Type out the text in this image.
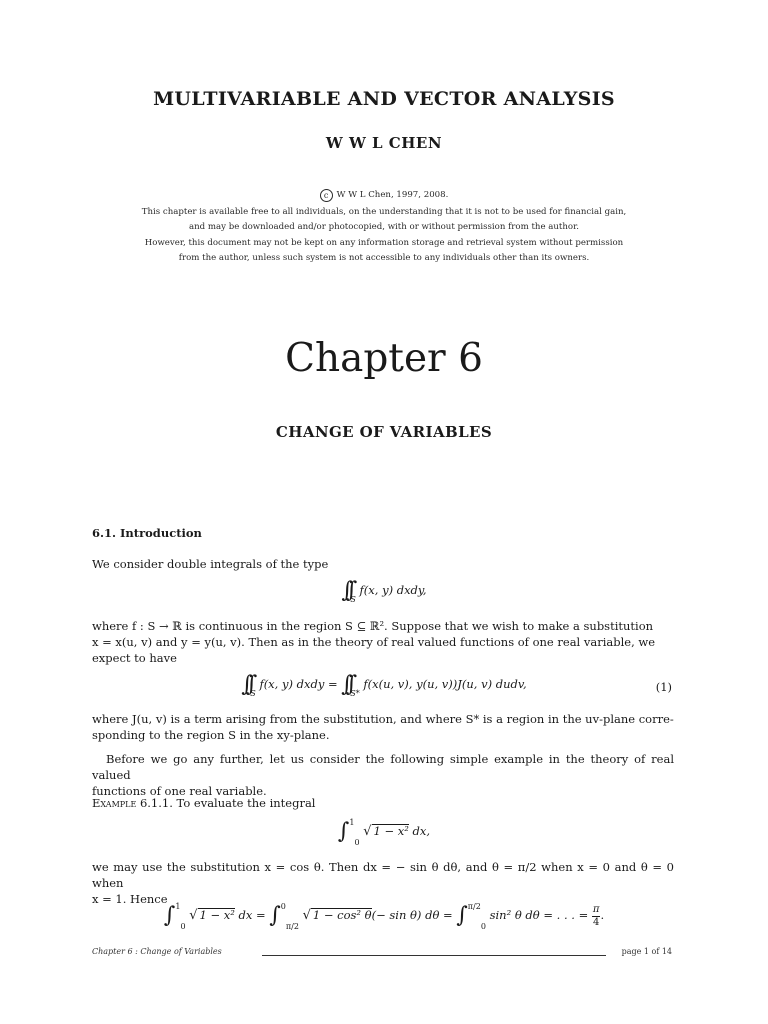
MULTIVARIABLE AND VECTOR ANALYSIS
W W L CHEN
c W W L Chen, 1997, 2008.
This chapter is available free to all individuals, on the understanding that it is not to be used for financial gain,
and may be downloaded and/or photocopied, with or without permission from the author.
However, this document may not be kept on any information storage and retrieval system without permission
from the author, unless such system is not accessible to any individuals other than its owners.
Chapter 6
CHANGE OF VARIABLES
6.1. Introduction
We consider double integrals of the type
$\int\int_S$ f(x, y) dxdy,
where f : S → ℝ is continuous in the region S ⊆ ℝ². Suppose that we wish to make a substitution
x = x(u, v) and y = y(u, v). Then as in the theory of real valued functions of one real variable, we
expect to have
$\int\int_S$ f(x, y) dxdy = $\int\int_{S*}$ f(x(u, v), y(u, v))J(u, v) dudv,	(1)
where J(u, v) is a term arising from the substitution, and where S* is a region in the uv-plane corre-
sponding to the region S in the xy-plane.
Before we go any further, let us consider the following simple example in the theory of real valued
functions of one real variable.
Example 6.1.1. To evaluate the integral
∫$^1_0$ √ 1 − x² dx,
we may use the substitution x = cos θ. Then dx = − sin θ dθ, and θ = π/2 when x = 0 and θ = 0 when
x = 1. Hence
∫$^1_0$ √ 1 − x² dx = ∫$^0_{\pi/2}$ √ 1 − cos² θ(− sin θ) dθ = ∫$^{\pi/2}_0$ sin² θ dθ = . . . = $\frac{\pi}{4}$ .
Chapter 6 : Change of Variables	page 1 of 14
